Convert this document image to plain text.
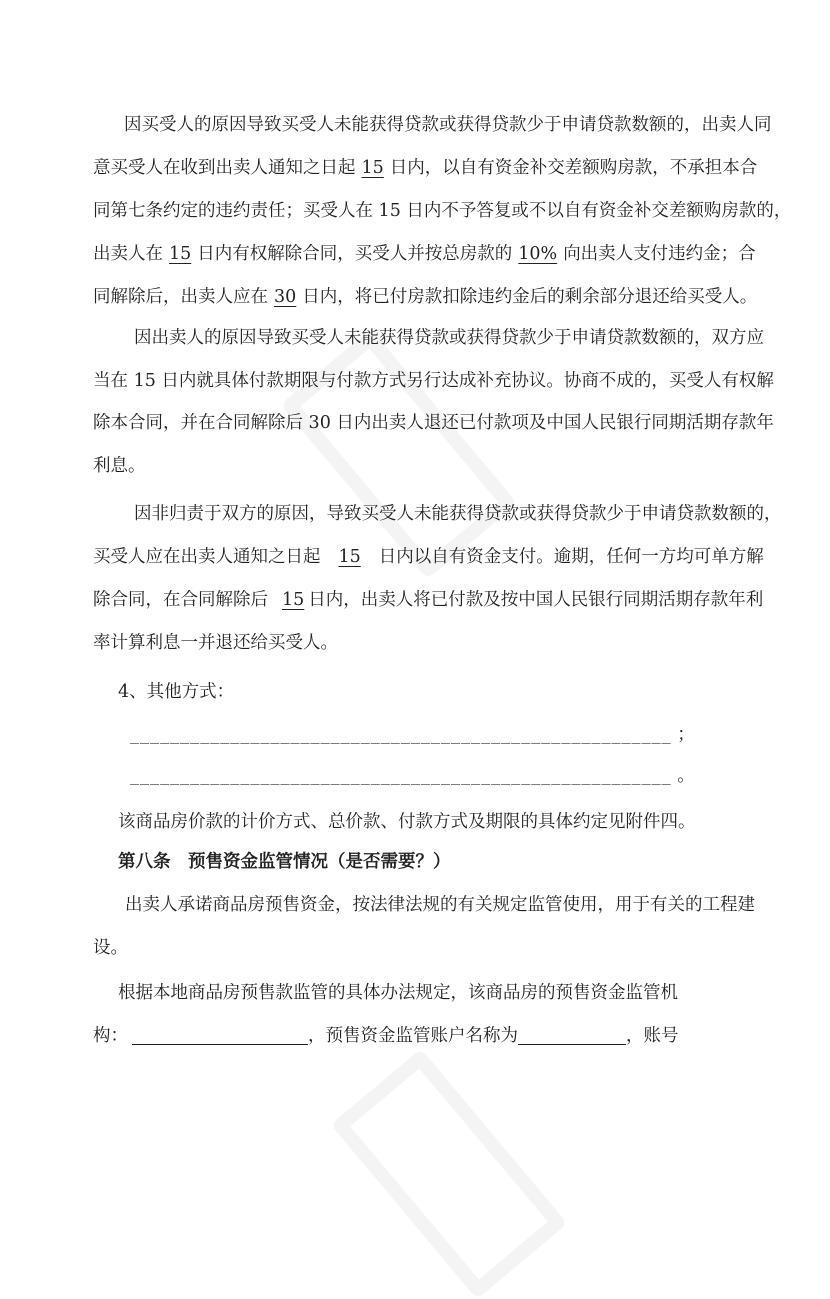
因买受人的原因导致买受人未能获得贷款或获得贷款少于申请贷款数额的，出卖人同
意买受人在收到出卖人通知之日起 15 日内，以自有资金补交差额购房款，不承担本合
同第七条约定的违约责任；买受人在 15 日内不予答复或不以自有资金补交差额购房款的，
出卖人在 15 日内有权解除合同，买受人并按总房款的 10% 向出卖人支付违约金；合
同解除后，出卖人应在 30 日内，将已付房款扣除违约金后的剩余部分退还给买受人。
因出卖人的原因导致买受人未能获得贷款或获得贷款少于申请贷款数额的，双方应
当在 15 日内就具体付款期限与付款方式另行达成补充协议。协商不成的，买受人有权解
除本合同，并在合同解除后 30 日内出卖人退还已付款项及中国人民银行同期活期存款年
利息。
因非归责于双方的原因，导致买受人未能获得贷款或获得贷款少于申请贷款数额的，
买受人应在出卖人通知之日起 15 日内以自有资金支付。逾期，任何一方均可单方解
除合同，在合同解除后 15 日内，出卖人将已付款及按中国人民银行同期活期存款年利
率计算利息一并退还给买受人。
4、其他方式：
______________________________________________________ ；
______________________________________________________ 。
该商品房价款的计价方式、总价款、付款方式及期限的具体约定见附件四。
第八条　预售资金监管情况（是否需要？）
出卖人承诺商品房预售资金，按法律法规的有关规定监管使用，用于有关的工程建
设。
根据本地商品房预售款监管的具体办法规定，该商品房的预售资金监管机
构：	，预售资金监管账户名称为	，账号
